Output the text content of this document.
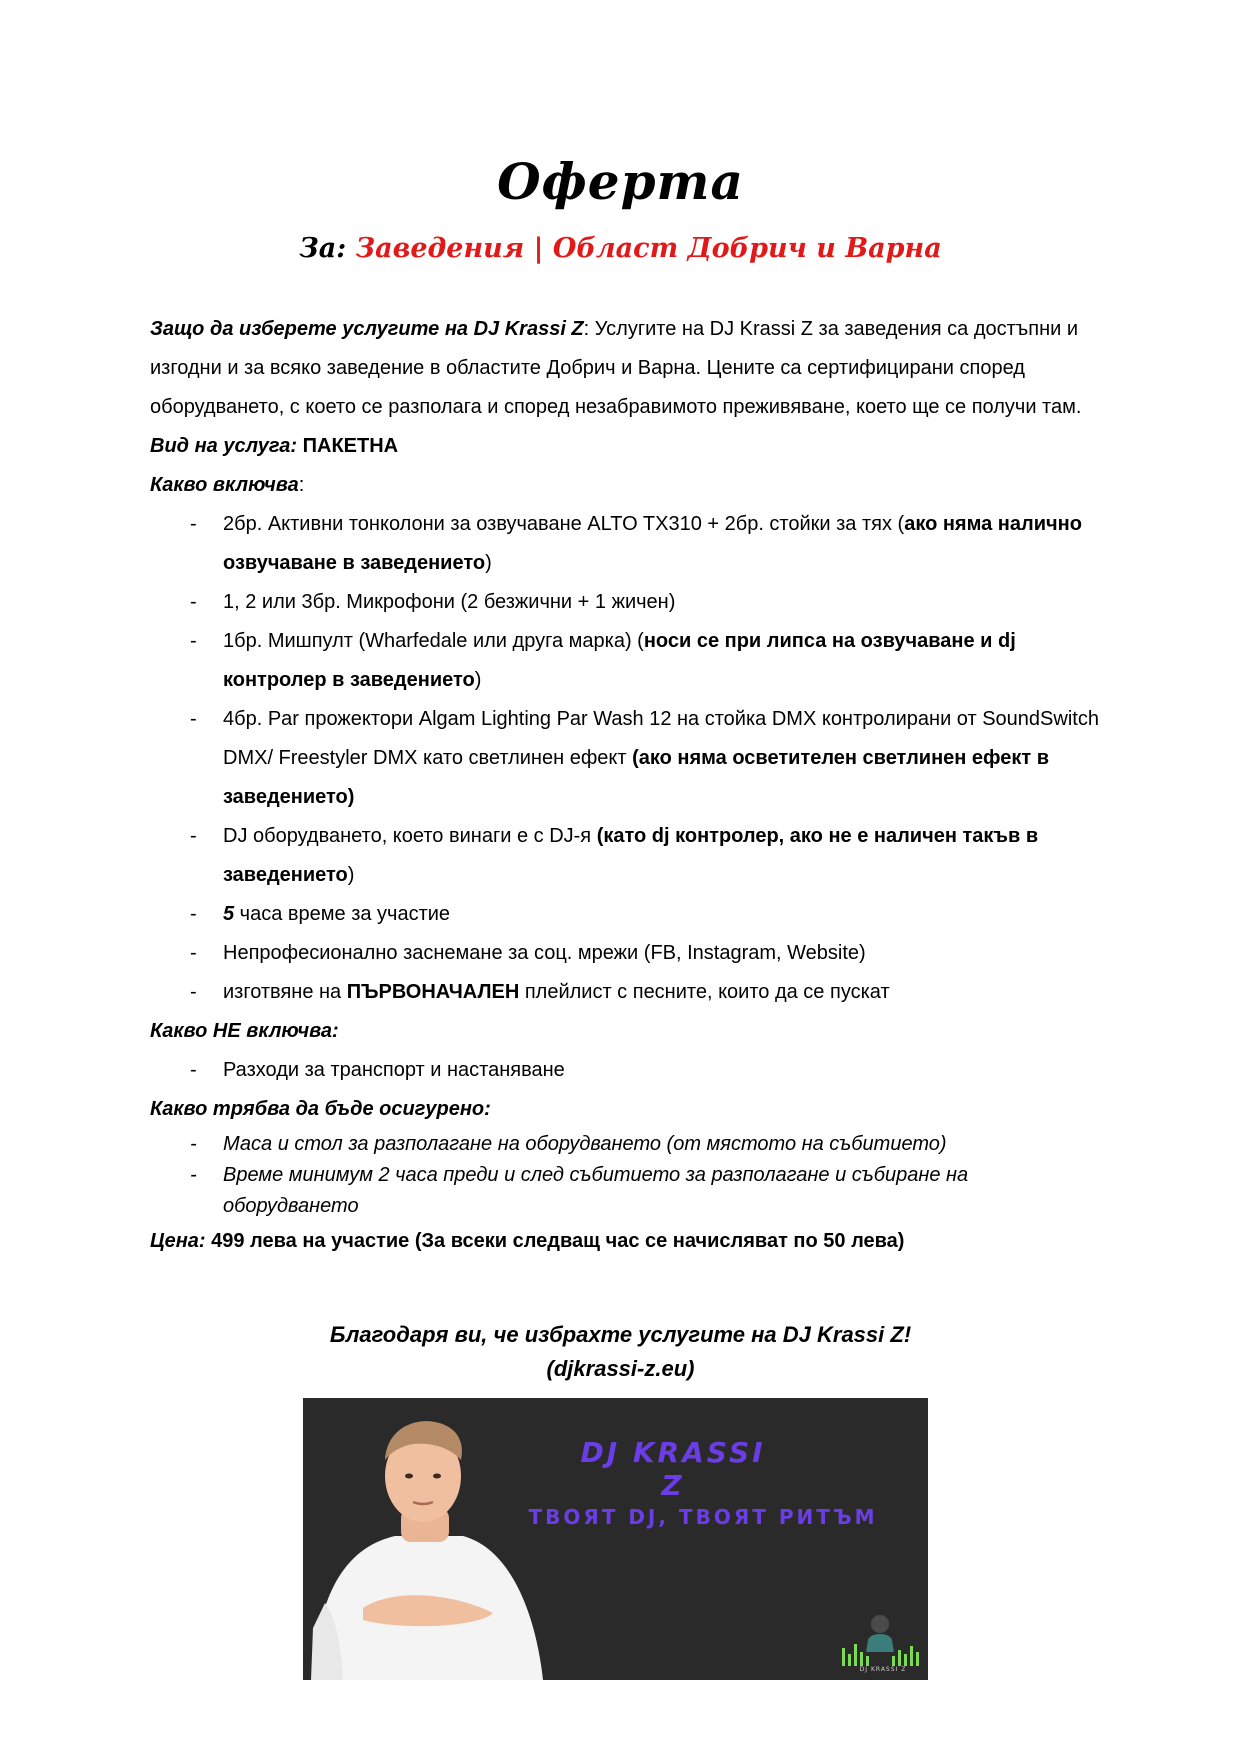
Оферта
За: Заведения | Област Добрич и Варна

Защо да изберете услугите на DJ Krassi Z: Услугите на DJ Krassi Z за заведения са достъпни и изгодни и за всяко заведение в областите Добрич и Варна. Цените са сертифицирани според оборудването, с което се разполага и според незабравимото преживяване, което ще се получи там.

Вид на услуга: ПАКЕТНА

Какво включва:

- 2бр. Активни тонколони за озвучаване ALTO TX310 + 2бр. стойки за тях (ако няма налично озвучаване в заведението)
- 1, 2 или 3бр. Микрофони (2 безжични + 1 жичен)
- 1бр. Мишпулт (Wharfedale или друга марка) (носи се при липса на озвучаване и dj контролер в заведението)
- 4бр. Par прожектори Algam Lighting Par Wash 12 на стойка DMX контролирани от SoundSwitch DMX/ Freestyler DMX като светлинен ефект (ако няма осветителен светлинен ефект в заведението)
- DJ оборудването, което винаги е с DJ-я (като dj контролер, ако не е наличен такъв в заведението)
- 5 часа време за участие
- Непрофесионално заснемане за соц. мрежи (FB, Instagram, Website)
- изготвяне на ПЪРВОНАЧАЛЕН плейлист с песните, които да се пускат

Какво НЕ включва:

- Разходи за транспорт и настаняване

Какво трябва да бъде осигурено:

- Маса и стол за разполагане на оборудването (от мястото на събитието)
- Време минимум 2 часа преди и след събитието за разполагане и събиране на оборудването

Цена: 499 лева на участие (За всеки следващ час се начисляват по 50 лева)

Благодаря ви, че избрахте услугите на DJ Krassi Z!
(djkrassi-z.eu)
DJ KRASSI Z
ТВОЯТ DJ, ТВОЯТ РИТЪМ
DJ KRASSI Z
